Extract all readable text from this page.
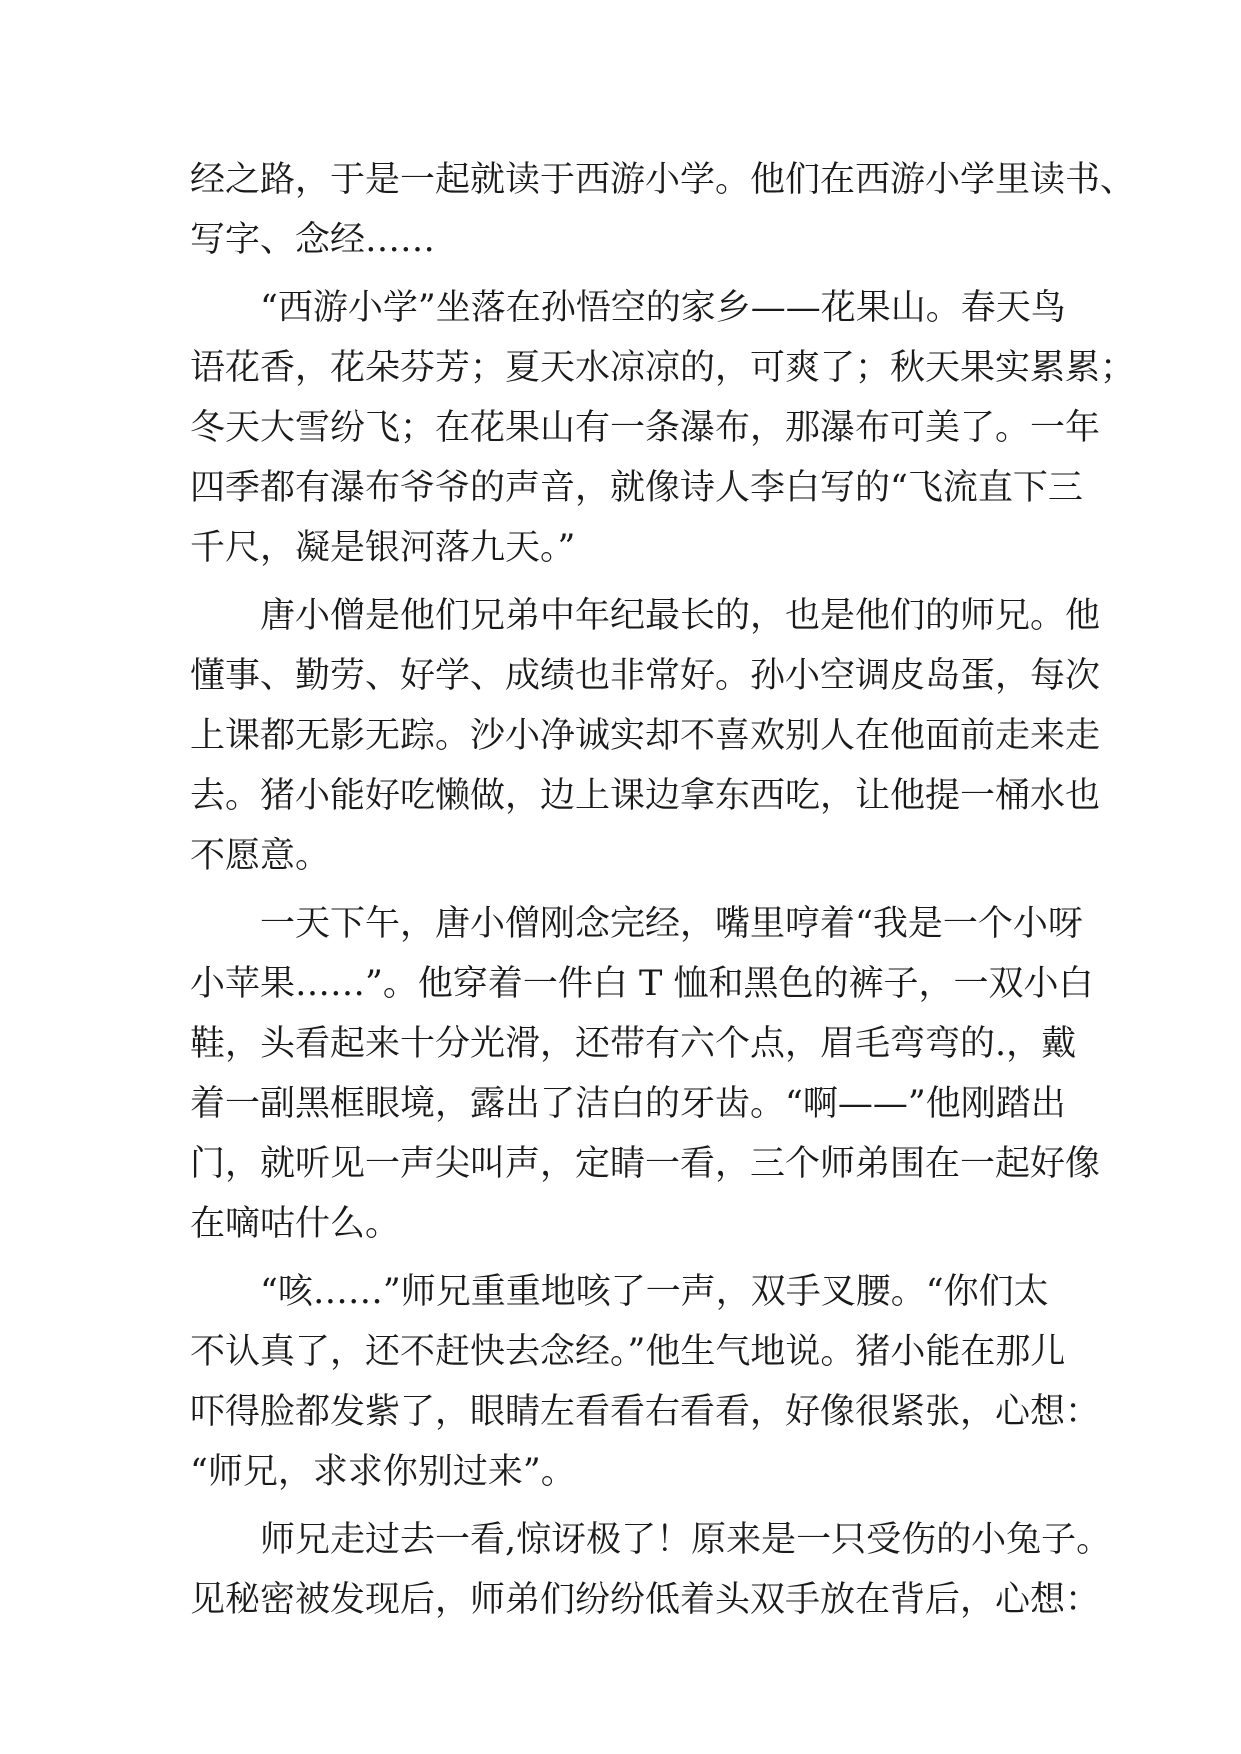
经之路，于是一起就读于西游小学。他们在西游小学里读书、
写字、念经……
“西游小学”坐落在孙悟空的家乡——花果山。春天鸟
语花香，花朵芬芳；夏天水凉凉的，可爽了；秋天果实累累；
冬天大雪纷飞；在花果山有一条瀑布，那瀑布可美了。一年
四季都有瀑布爷爷的声音，就像诗人李白写的“飞流直下三
千尺，凝是银河落九天。”
唐小僧是他们兄弟中年纪最长的，也是他们的师兄。他
懂事、勤劳、好学、成绩也非常好。孙小空调皮岛蛋，每次
上课都无影无踪。沙小净诚实却不喜欢别人在他面前走来走
去。猪小能好吃懒做，边上课边拿东西吃，让他提一桶水也
不愿意。
一天下午，唐小僧刚念完经，嘴里哼着“我是一个小呀
小苹果……”。他穿着一件白 T 恤和黑色的裤子，一双小白
鞋，头看起来十分光滑，还带有六个点，眉毛弯弯的.，戴
着一副黑框眼境，露出了洁白的牙齿。“啊——”他刚踏出
门，就听见一声尖叫声，定睛一看，三个师弟围在一起好像
在嘀咕什么。
“咳……”师兄重重地咳了一声，双手叉腰。“你们太
不认真了，还不赶快去念经。”他生气地说。猪小能在那儿
吓得脸都发紫了，眼睛左看看右看看，好像很紧张，心想：
“师兄，求求你别过来”。
师兄走过去一看,惊讶极了！原来是一只受伤的小兔子。
见秘密被发现后，师弟们纷纷低着头双手放在背后，心想：
